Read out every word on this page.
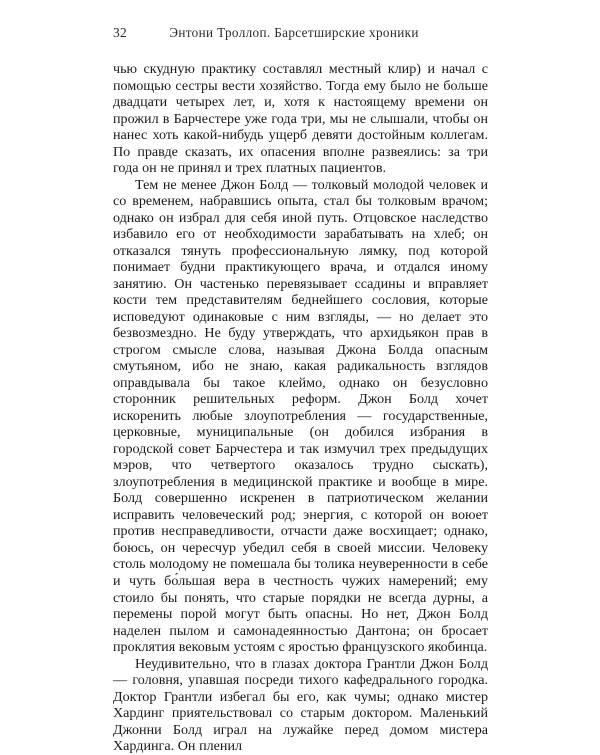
32	Энтони Троллоп. Барсетширские хроники

чью скудную практику составлял местный клир) и начал с помощью сестры вести хозяйство. Тогда ему было не больше двадцати четырех лет, и, хотя к настоящему времени он прожил в Барчестере уже года три, мы не слышали, чтобы он нанес хоть какой-нибудь ущерб девяти достойным коллегам. По правде сказать, их опасения вполне развеялись: за три года он не принял и трех платных пациентов.

Тем не менее Джон Болд — толковый молодой человек и со временем, набравшись опыта, стал бы толковым врачом; однако он избрал для себя иной путь. Отцовское наследство избавило его от необходимости зарабатывать на хлеб; он отказался тянуть профессиональную лямку, под которой понимает будни практикующего врача, и отдался иному занятию. Он частенько перевязывает ссадины и вправляет кости тем представителям беднейшего сословия, которые исповедуют одинаковые с ним взгляды, — но делает это безвозмездно. Не буду утверждать, что архидьякон прав в строгом смысле слова, называя Джона Болда опасным смутьяном, ибо не знаю, какая радикальность взглядов оправдывала бы такое клеймо, однако он безусловно сторонник решительных реформ. Джон Болд хочет искоренить любые злоупотребления — государственные, церковные, муниципальные (он добился избрания в городской совет Барчестера и так измучил трех предыдущих мэров, что четвертого оказалось трудно сыскать), злоупотребления в медицинской практике и вообще в мире. Болд совершенно искренен в патриотическом желании исправить человеческий род; энергия, с которой он воюет против несправедливости, отчасти даже восхищает; однако, боюсь, он чересчур убедил себя в своей миссии. Человеку столь молодому не помешала бы толика неуверенности в себе и чуть бо́льшая вера в честность чужих намерений; ему стоило бы понять, что старые порядки не всегда дурны, а перемены порой могут быть опасны. Но нет, Джон Болд наделен пылом и самонадеянностью Дантона; он бросает проклятия вековым устоям с яростью французского якобинца.

Неудивительно, что в глазах доктора Грантли Джон Болд — головня, упавшая посреди тихого кафедрального городка. Доктор Грантли избегал бы его, как чумы; однако мистер Хардинг приятельствовал со старым доктором. Маленький Джонни Болд играл на лужайке перед домом мистера Хардинга. Он пленил
